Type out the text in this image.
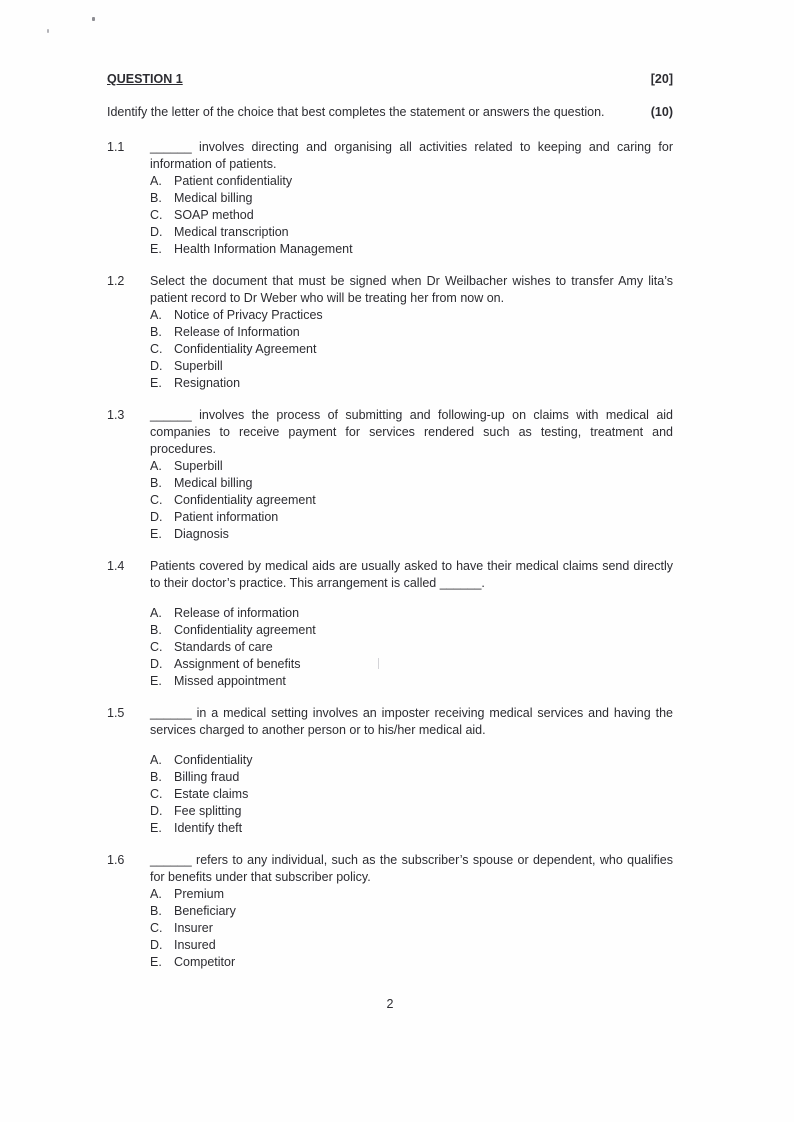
QUESTION 1	[20]
Identify the letter of the choice that best completes the statement or answers the question.	(10)
1.1	______ involves directing and organising all activities related to keeping and caring for information of patients.

A. Patient confidentiality
B. Medical billing
C. SOAP method
D. Medical transcription
E. Health Information Management
1.2	Select the document that must be signed when Dr Weilbacher wishes to transfer Amy lita’s patient record to Dr Weber who will be treating her from now on.

A. Notice of Privacy Practices
B. Release of Information
C. Confidentiality Agreement
D. Superbill
E. Resignation
1.3	______ involves the process of submitting and following-up on claims with medical aid companies to receive payment for services rendered such as testing, treatment and procedures.

A. Superbill
B. Medical billing
C. Confidentiality agreement
D. Patient information
E. Diagnosis
1.4	Patients covered by medical aids are usually asked to have their medical claims send directly to their doctor’s practice. This arrangement is called ______.

A. Release of information
B. Confidentiality agreement
C. Standards of care
D. Assignment of benefits
E. Missed appointment
1.5	______ in a medical setting involves an imposter receiving medical services and having the services charged to another person or to his/her medical aid.

A. Confidentiality
B. Billing fraud
C. Estate claims
D. Fee splitting
E. Identify theft
1.6	______ refers to any individual, such as the subscriber’s spouse or dependent, who qualifies for benefits under that subscriber policy.

A. Premium
B. Beneficiary
C. Insurer
D. Insured
E. Competitor
2
